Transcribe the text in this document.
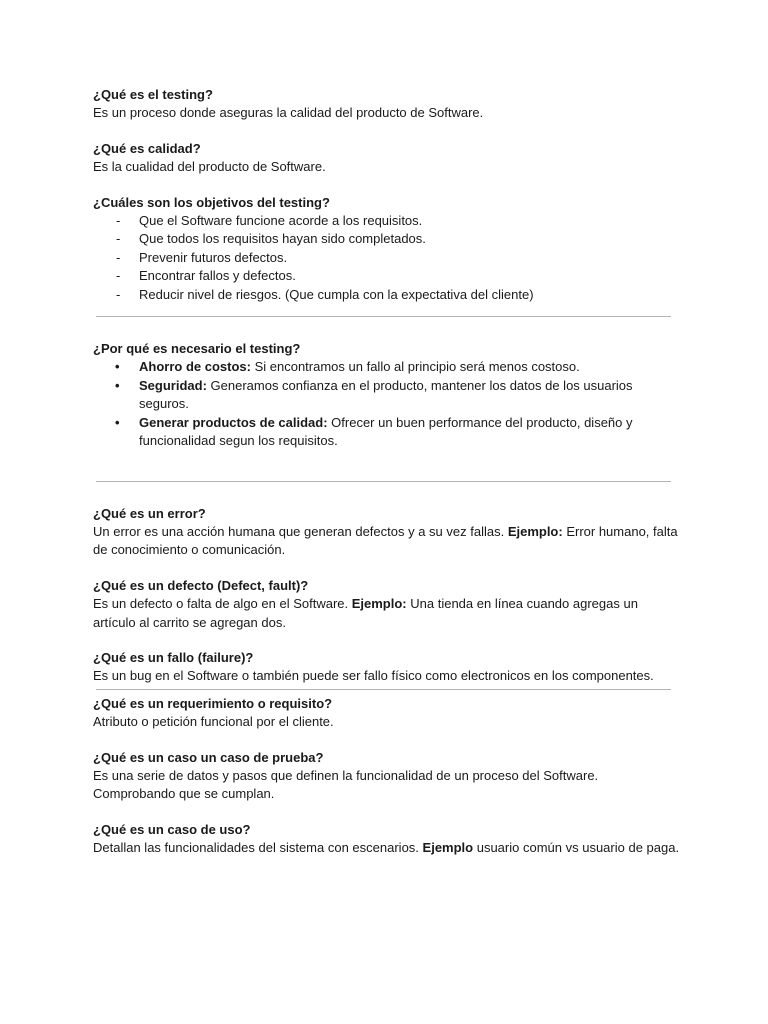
¿Qué es el testing?

Es un proceso donde aseguras la calidad del producto de Software.

¿Qué es calidad?

Es la cualidad del producto de Software.

¿Cuáles son los objetivos del testing?

- Que el Software funcione acorde a los requisitos.
- Que todos los requisitos hayan sido completados.
- Prevenir futuros defectos.
- Encontrar fallos y defectos.
- Reducir nivel de riesgos. (Que cumpla con la expectativa del cliente)

¿Por qué es necesario el testing?

• Ahorro de costos: Si encontramos un fallo al principio será menos costoso.
• Seguridad: Generamos confianza en el producto, mantener los datos de los usuarios seguros.
• Generar productos de calidad: Ofrecer un buen performance del producto, diseño y funcionalidad segun los requisitos.

¿Qué es un error?

Un error es una acción humana que generan defectos y a su vez fallas. Ejemplo: Error humano, falta de conocimiento o comunicación.

¿Qué es un defecto (Defect, fault)?

Es un defecto o falta de algo en el Software. Ejemplo: Una tienda en línea cuando agregas un artículo al carrito se agregan dos.

¿Qué es un fallo (failure)?

Es un bug en el Software o también puede ser fallo físico como electronicos en los componentes.

¿Qué es un requerimiento o requisito?

Atributo o petición funcional por el cliente.

¿Qué es un caso un caso de prueba?

Es una serie de datos y pasos que definen la funcionalidad de un proceso del Software.

Comprobando que se cumplan.

¿Qué es un caso de uso?

Detallan las funcionalidades del sistema con escenarios. Ejemplo usuario común vs usuario de paga.
